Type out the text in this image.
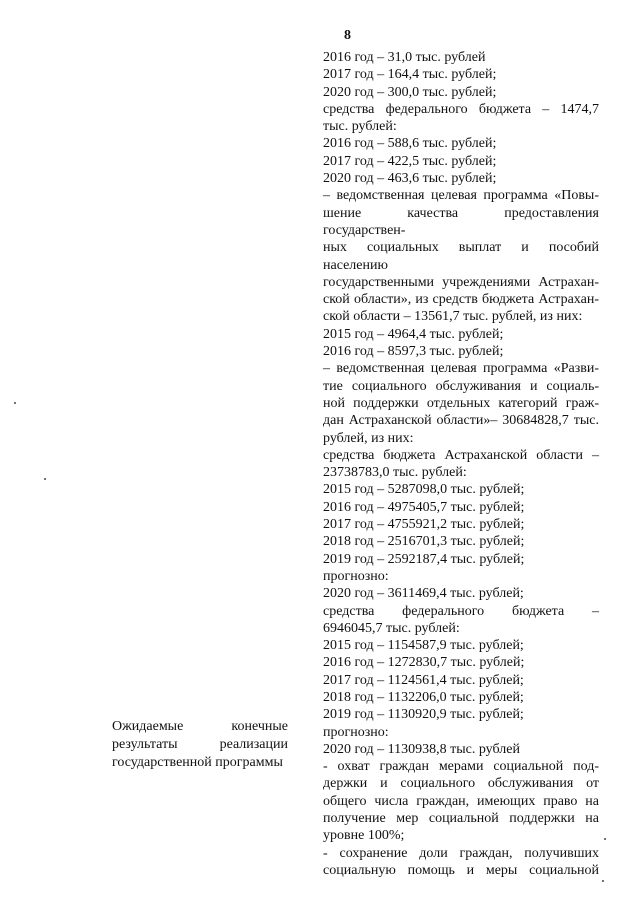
8
Ожидаемые конечные результаты реализации государственной программы
2016 год – 31,0 тыс. рублей
2017 год – 164,4 тыс. рублей;
2020 год – 300,0 тыс. рублей;
средства федерального бюджета – 1474,7
тыс. рублей:
2016 год – 588,6 тыс. рублей;
2017 год – 422,5 тыс. рублей;
2020 год – 463,6 тыс. рублей;
– ведомственная целевая программа «Повы-
шение качества предоставления государствен-
ных социальных выплат и пособий населению
государственными учреждениями Астрахан-
ской области», из средств бюджета Астрахан-
ской области – 13561,7 тыс. рублей, из них:
2015 год – 4964,4 тыс. рублей;
2016 год – 8597,3 тыс. рублей;
– ведомственная целевая программа «Разви-
тие социального обслуживания и социаль-
ной поддержки отдельных категорий граж-
дан Астраханской области»– 30684828,7 тыс.
рублей, из них:
средства бюджета Астраханской области –
23738783,0 тыс. рублей:
2015 год – 5287098,0 тыс. рублей;
2016 год – 4975405,7 тыс. рублей;
2017 год – 4755921,2 тыс. рублей;
2018 год – 2516701,3 тыс. рублей;
2019 год – 2592187,4 тыс. рублей;
прогнозно:
2020 год – 3611469,4 тыс. рублей;
средства федерального бюджета –
6946045,7 тыс. рублей:
2015 год – 1154587,9 тыс. рублей;
2016 год – 1272830,7 тыс. рублей;
2017 год – 1124561,4 тыс. рублей;
2018 год – 1132206,0 тыс. рублей;
2019 год – 1130920,9 тыс. рублей;
прогнозно:
2020 год – 1130938,8 тыс. рублей
- охват граждан мерами социальной под-
держки и социального обслуживания от
общего числа граждан, имеющих право на
получение мер социальной поддержки на
уровне 100%;
- сохранение доли граждан, получивших
социальную помощь и меры социальной
